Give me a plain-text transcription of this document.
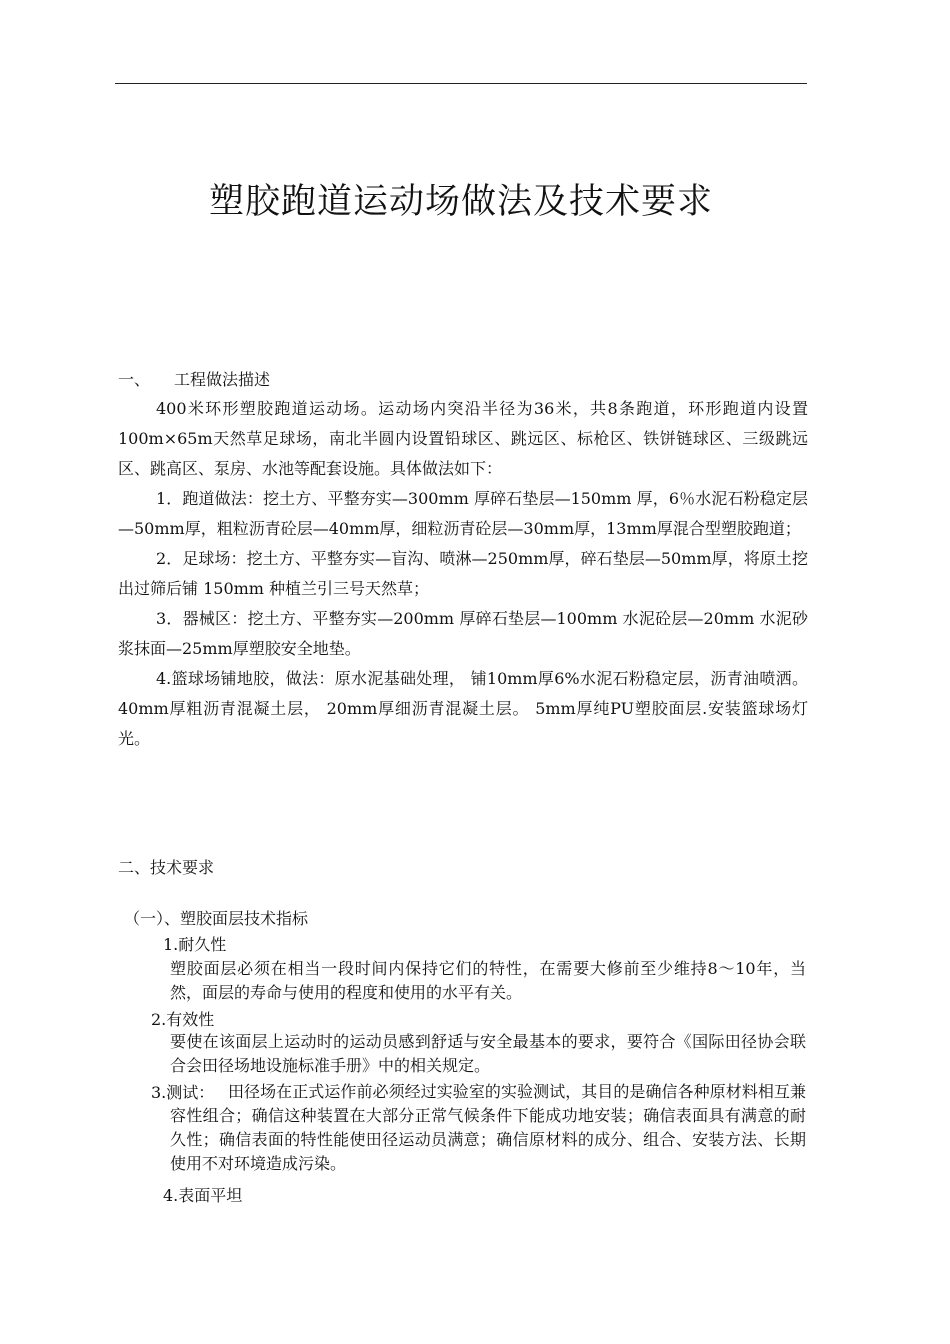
塑胶跑道运动场做法及技术要求
一、 工程做法描述

400米环形塑胶跑道运动场。运动场内突沿半径为36米，共8条跑道，环形跑道内设置100m×65m天然草足球场，南北半圆内设置铅球区、跳远区、标枪区、铁饼链球区、三级跳远区、跳高区、泵房、水池等配套设施。具体做法如下：

1．跑道做法：挖土方、平整夯实—300mm 厚碎石垫层—150mm 厚，6％水泥石粉稳定层—50mm厚，粗粒沥青砼层—40mm厚，细粒沥青砼层—30mm厚，13mm厚混合型塑胶跑道；

2．足球场：挖土方、平整夯实—盲沟、喷淋—250mm厚，碎石垫层—50mm厚，将原土挖出过筛后铺 150mm 种植兰引三号天然草；

3．器械区：挖土方、平整夯实—200mm 厚碎石垫层—100mm 水泥砼层—20mm 水泥砂浆抹面—25mm厚塑胶安全地垫。

4.篮球场铺地胶，做法：原水泥基础处理， 铺10mm厚6%水泥石粉稳定层，沥青油喷洒。40mm厚粗沥青混凝土层， 20mm厚细沥青混凝土层。 5mm厚纯PU塑胶面层.安装篮球场灯光。

二、技术要求
（一）、塑胶面层技术指标
1.耐久性

塑胶面层必须在相当一段时间内保持它们的特性，在需要大修前至少维持8～10年，当然，面层的寿命与使用的程度和使用的水平有关。

2.有效性

要使在该面层上运动时的运动员感到舒适与安全最基本的要求，要符合《国际田径协会联合会田径场地设施标准手册》中的相关规定。

3.测试： 田径场在正式运作前必须经过实验室的实验测试，其目的是确信各种原材料相互兼容性组合；确信这种装置在大部分正常气候条件下能成功地安装；确信表面具有满意的耐久性；确信表面的特性能使田径运动员满意；确信原材料的成分、组合、安装方法、长期使用不对环境造成污染。

4.表面平坦
